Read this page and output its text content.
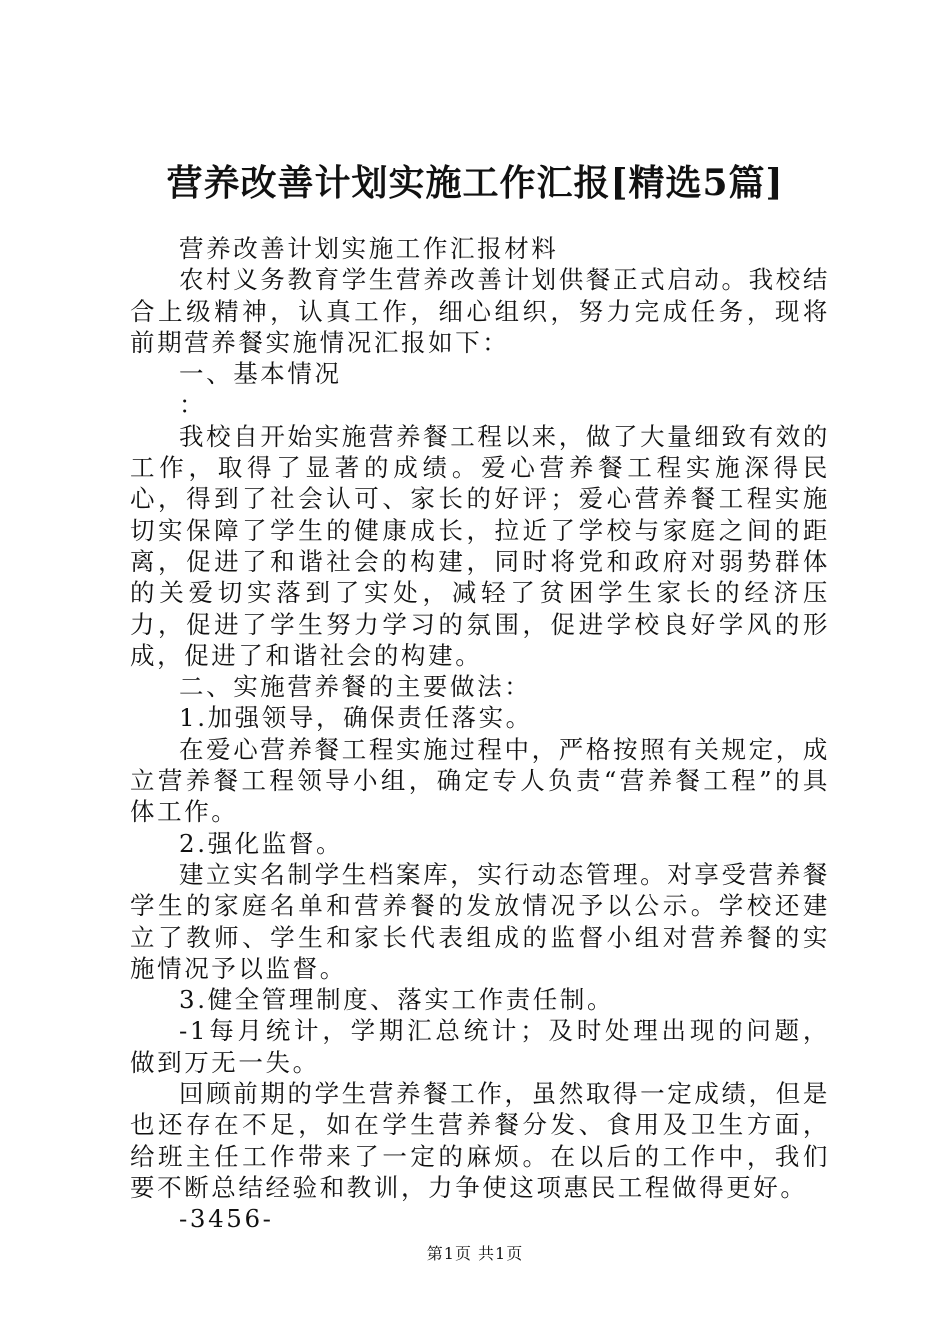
营养改善计划实施工作汇报[精选5篇]

营养改善计划实施工作汇报材料

农村义务教育学生营养改善计划供餐正式启动。我校结合上级精神，认真工作，细心组织，努力完成任务，现将前期营养餐实施情况汇报如下：

一、基本情况

：

我校自开始实施营养餐工程以来，做了大量细致有效的工作，取得了显著的成绩。爱心营养餐工程实施深得民心，得到了社会认可、家长的好评；爱心营养餐工程实施切实保障了学生的健康成长，拉近了学校与家庭之间的距离，促进了和谐社会的构建，同时将党和政府对弱势群体的关爱切实落到了实处，减轻了贫困学生家长的经济压力，促进了学生努力学习的氛围，促进学校良好学风的形成，促进了和谐社会的构建。

二、实施营养餐的主要做法：

1.加强领导，确保责任落实。

在爱心营养餐工程实施过程中，严格按照有关规定，成立营养餐工程领导小组，确定专人负责“营养餐工程”的具体工作。

2.强化监督。

建立实名制学生档案库，实行动态管理。对享受营养餐学生的家庭名单和营养餐的发放情况予以公示。学校还建立了教师、学生和家长代表组成的监督小组对营养餐的实施情况予以监督。

3.健全管理制度、落实工作责任制。

-1每月统计，学期汇总统计；及时处理出现的问题，做到万无一失。

回顾前期的学生营养餐工作，虽然取得一定成绩，但是也还存在不足，如在学生营养餐分发、食用及卫生方面，给班主任工作带来了一定的麻烦。在以后的工作中，我们要不断总结经验和教训，力争使这项惠民工程做得更好。

-3456-

第1页 共1页
